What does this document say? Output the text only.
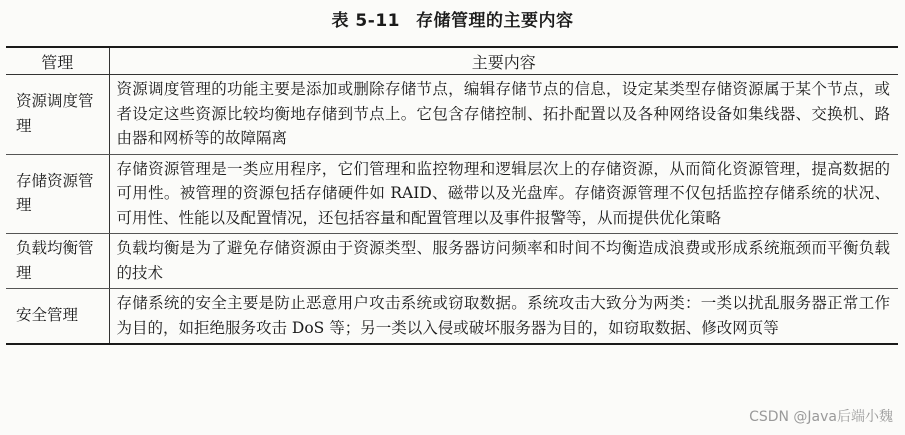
表 5-11 存储管理的主要内容
管理	主要内容
资源调度管理	资源调度管理的功能主要是添加或删除存储节点，编辑存储节点的信息，设定某类型存储资源属于某个节点，或者设定这些资源比较均衡地存储到节点上。它包含存储控制、拓扑配置以及各种网络设备如集线器、交换机、路由器和网桥等的故障隔离
存储资源管理	存储资源管理是一类应用程序，它们管理和监控物理和逻辑层次上的存储资源，从而简化资源管理，提高数据的可用性。被管理的资源包括存储硬件如 RAID、磁带以及光盘库。存储资源管理不仅包括监控存储系统的状况、可用性、性能以及配置情况，还包括容量和配置管理以及事件报警等，从而提供优化策略
负载均衡管理	负载均衡是为了避免存储资源由于资源类型、服务器访问频率和时间不均衡造成浪费或形成系统瓶颈而平衡负载的技术
安全管理	存储系统的安全主要是防止恶意用户攻击系统或窃取数据。系统攻击大致分为两类：一类以扰乱服务器正常工作为目的，如拒绝服务攻击 DoS 等；另一类以入侵或破坏服务器为目的，如窃取数据、修改网页等
CSDN @Java后端小魏
